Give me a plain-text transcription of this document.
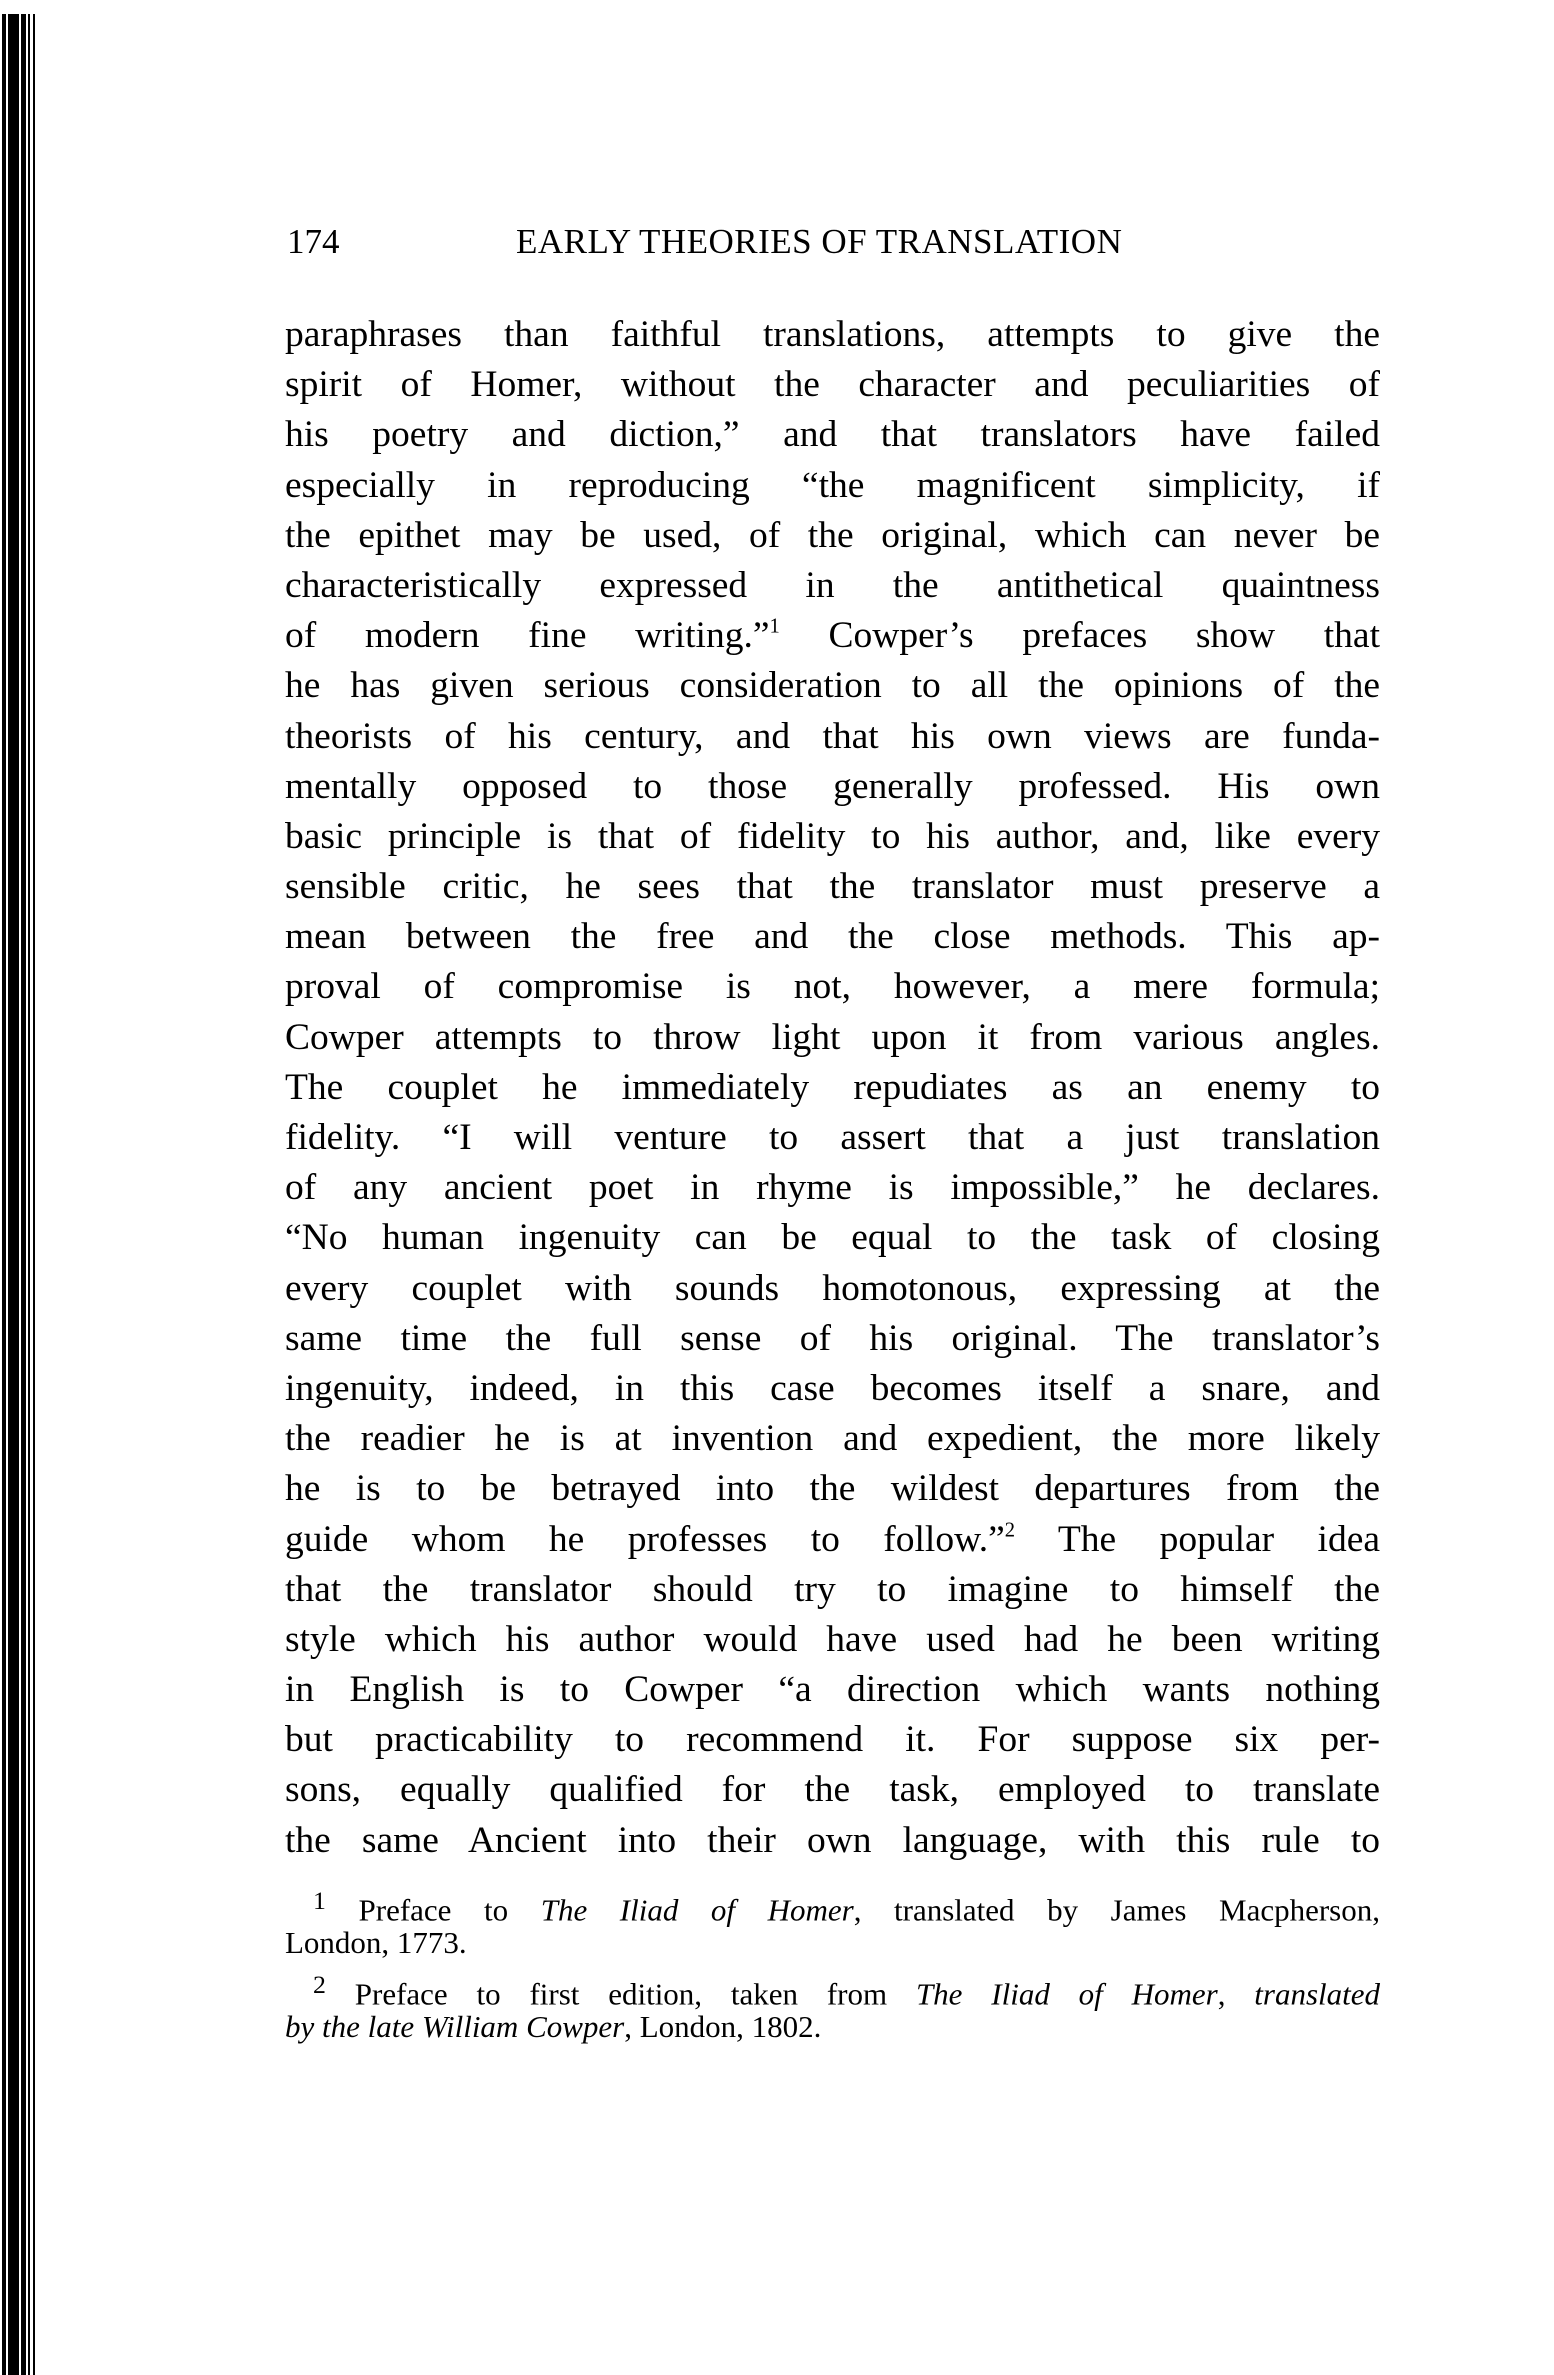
174	EARLY THEORIES OF TRANSLATION
paraphrases than faithful translations, attempts to give the
spirit of Homer, without the character and peculiarities of
his poetry and diction,” and that translators have failed
especially in reproducing “the magnificent simplicity, if
the epithet may be used, of the original, which can never be
characteristically expressed in the antithetical quaintness
of modern fine writing.”$^1$ Cowper’s prefaces show that
he has given serious consideration to all the opinions of the
theorists of his century, and that his own views are funda-
mentally opposed to those generally professed. His own
basic principle is that of fidelity to his author, and, like every
sensible critic, he sees that the translator must preserve a
mean between the free and the close methods. This ap-
proval of compromise is not, however, a mere formula;
Cowper attempts to throw light upon it from various angles.
The couplet he immediately repudiates as an enemy to
fidelity. “I will venture to assert that a just translation
of any ancient poet in rhyme is impossible,” he declares.
“No human ingenuity can be equal to the task of closing
every couplet with sounds homotonous, expressing at the
same time the full sense of his original. The translator’s
ingenuity, indeed, in this case becomes itself a snare, and
the readier he is at invention and expedient, the more likely
he is to be betrayed into the wildest departures from the
guide whom he professes to follow.”$^2$ The popular idea
that the translator should try to imagine to himself the
style which his author would have used had he been writing
in English is to Cowper “a direction which wants nothing
but practicability to recommend it. For suppose six per-
sons, equally qualified for the task, employed to translate
the same Ancient into their own language, with this rule to
$^1$ Preface to The Iliad of Homer, translated by James Macpherson,
London, 1773.
$^2$ Preface to first edition, taken from The Iliad of Homer, translated
by the late William Cowper, London, 1802.
